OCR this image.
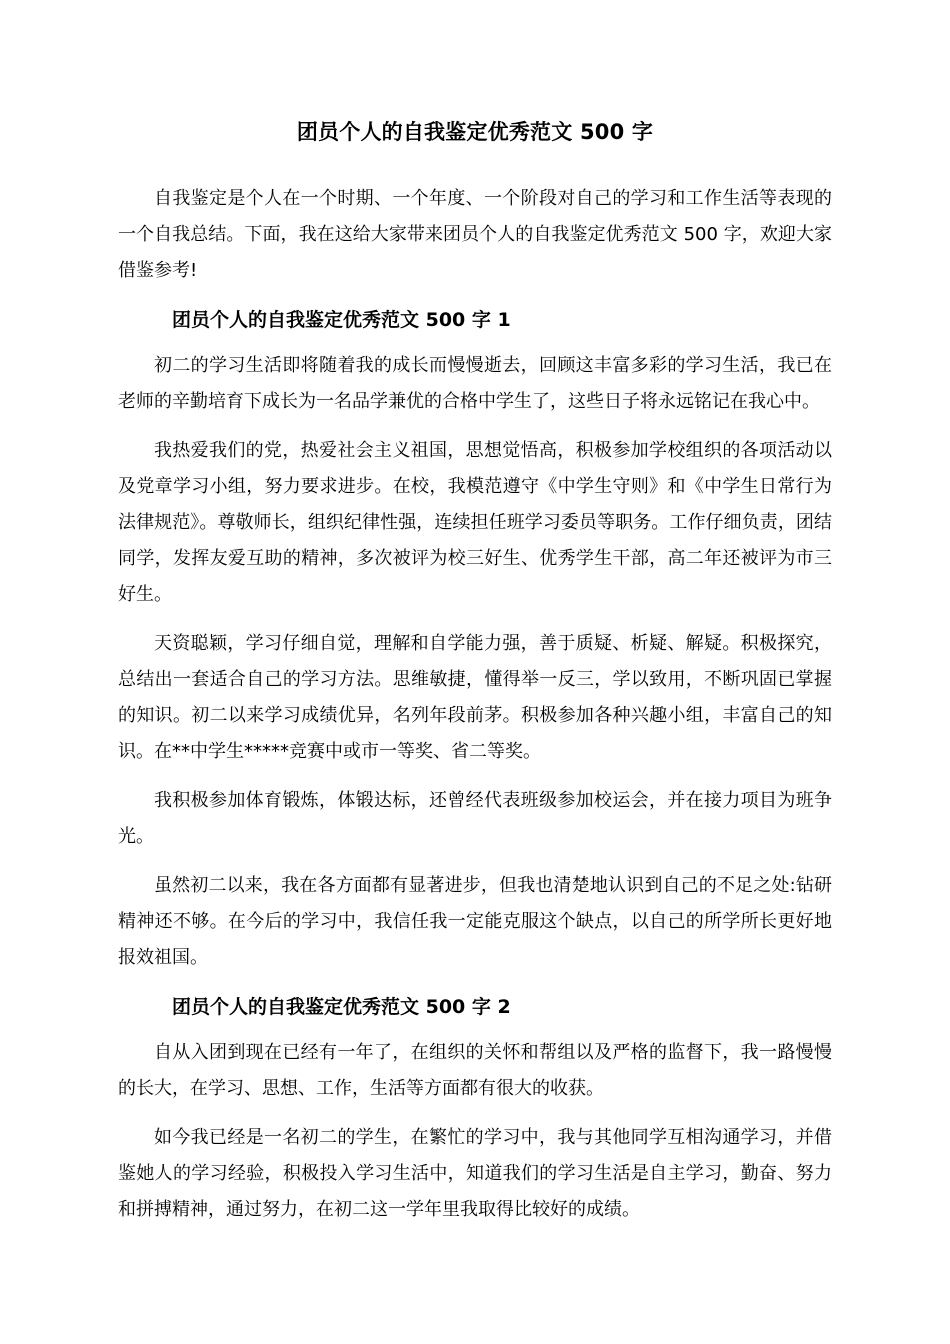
团员个人的自我鉴定优秀范文 500 字

自我鉴定是个人在一个时期、一个年度、一个阶段对自己的学习和工作生活等表现的一个自我总结。下面，我在这给大家带来团员个人的自我鉴定优秀范文 500 字，欢迎大家借鉴参考!

团员个人的自我鉴定优秀范文 500 字 1

初二的学习生活即将随着我的成长而慢慢逝去，回顾这丰富多彩的学习生活，我已在老师的辛勤培育下成长为一名品学兼优的合格中学生了，这些日子将永远铭记在我心中。

我热爱我们的党，热爱社会主义祖国，思想觉悟高，积极参加学校组织的各项活动以及党章学习小组，努力要求进步。在校，我模范遵守《中学生守则》和《中学生日常行为法律规范》。尊敬师长，组织纪律性强，连续担任班学习委员等职务。工作仔细负责，团结同学，发挥友爱互助的精神，多次被评为校三好生、优秀学生干部，高二年还被评为市三好生。

天资聪颖，学习仔细自觉，理解和自学能力强，善于质疑、析疑、解疑。积极探究，总结出一套适合自己的学习方法。思维敏捷，懂得举一反三，学以致用，不断巩固已掌握的知识。初二以来学习成绩优异，名列年段前茅。积极参加各种兴趣小组，丰富自己的知识。在**中学生*****竞赛中或市一等奖、省二等奖。

我积极参加体育锻炼，体锻达标，还曾经代表班级参加校运会，并在接力项目为班争光。

虽然初二以来，我在各方面都有显著进步，但我也清楚地认识到自己的不足之处:钻研精神还不够。在今后的学习中，我信任我一定能克服这个缺点，以自己的所学所长更好地报效祖国。

团员个人的自我鉴定优秀范文 500 字 2

自从入团到现在已经有一年了，在组织的关怀和帮组以及严格的监督下，我一路慢慢的长大，在学习、思想、工作，生活等方面都有很大的收获。

如今我已经是一名初二的学生，在繁忙的学习中，我与其他同学互相沟通学习，并借鉴她人的学习经验，积极投入学习生活中，知道我们的学习生活是自主学习，勤奋、努力和拼搏精神，通过努力，在初二这一学年里我取得比较好的成绩。
